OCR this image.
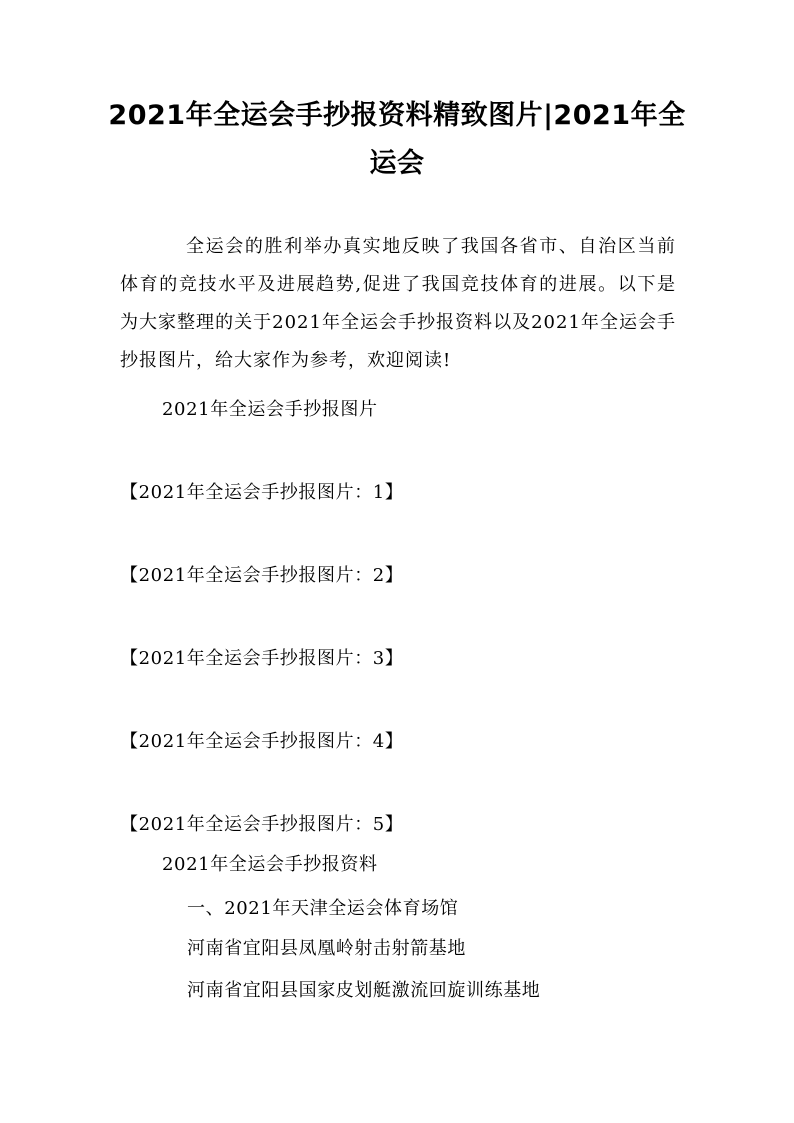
2021年全运会手抄报资料精致图片|2021年全运会
全运会的胜利举办真实地反映了我国各省市、自治区当前体育的竞技水平及进展趋势,促进了我国竞技体育的进展。以下是为大家整理的关于2021年全运会手抄报资料以及2021年全运会手抄报图片，给大家作为参考，欢迎阅读!
2021年全运会手抄报图片
【2021年全运会手抄报图片：1】
【2021年全运会手抄报图片：2】
【2021年全运会手抄报图片：3】
【2021年全运会手抄报图片：4】
【2021年全运会手抄报图片：5】
2021年全运会手抄报资料
一、2021年天津全运会体育场馆
河南省宜阳县凤凰岭射击射箭基地
河南省宜阳县国家皮划艇激流回旋训练基地
